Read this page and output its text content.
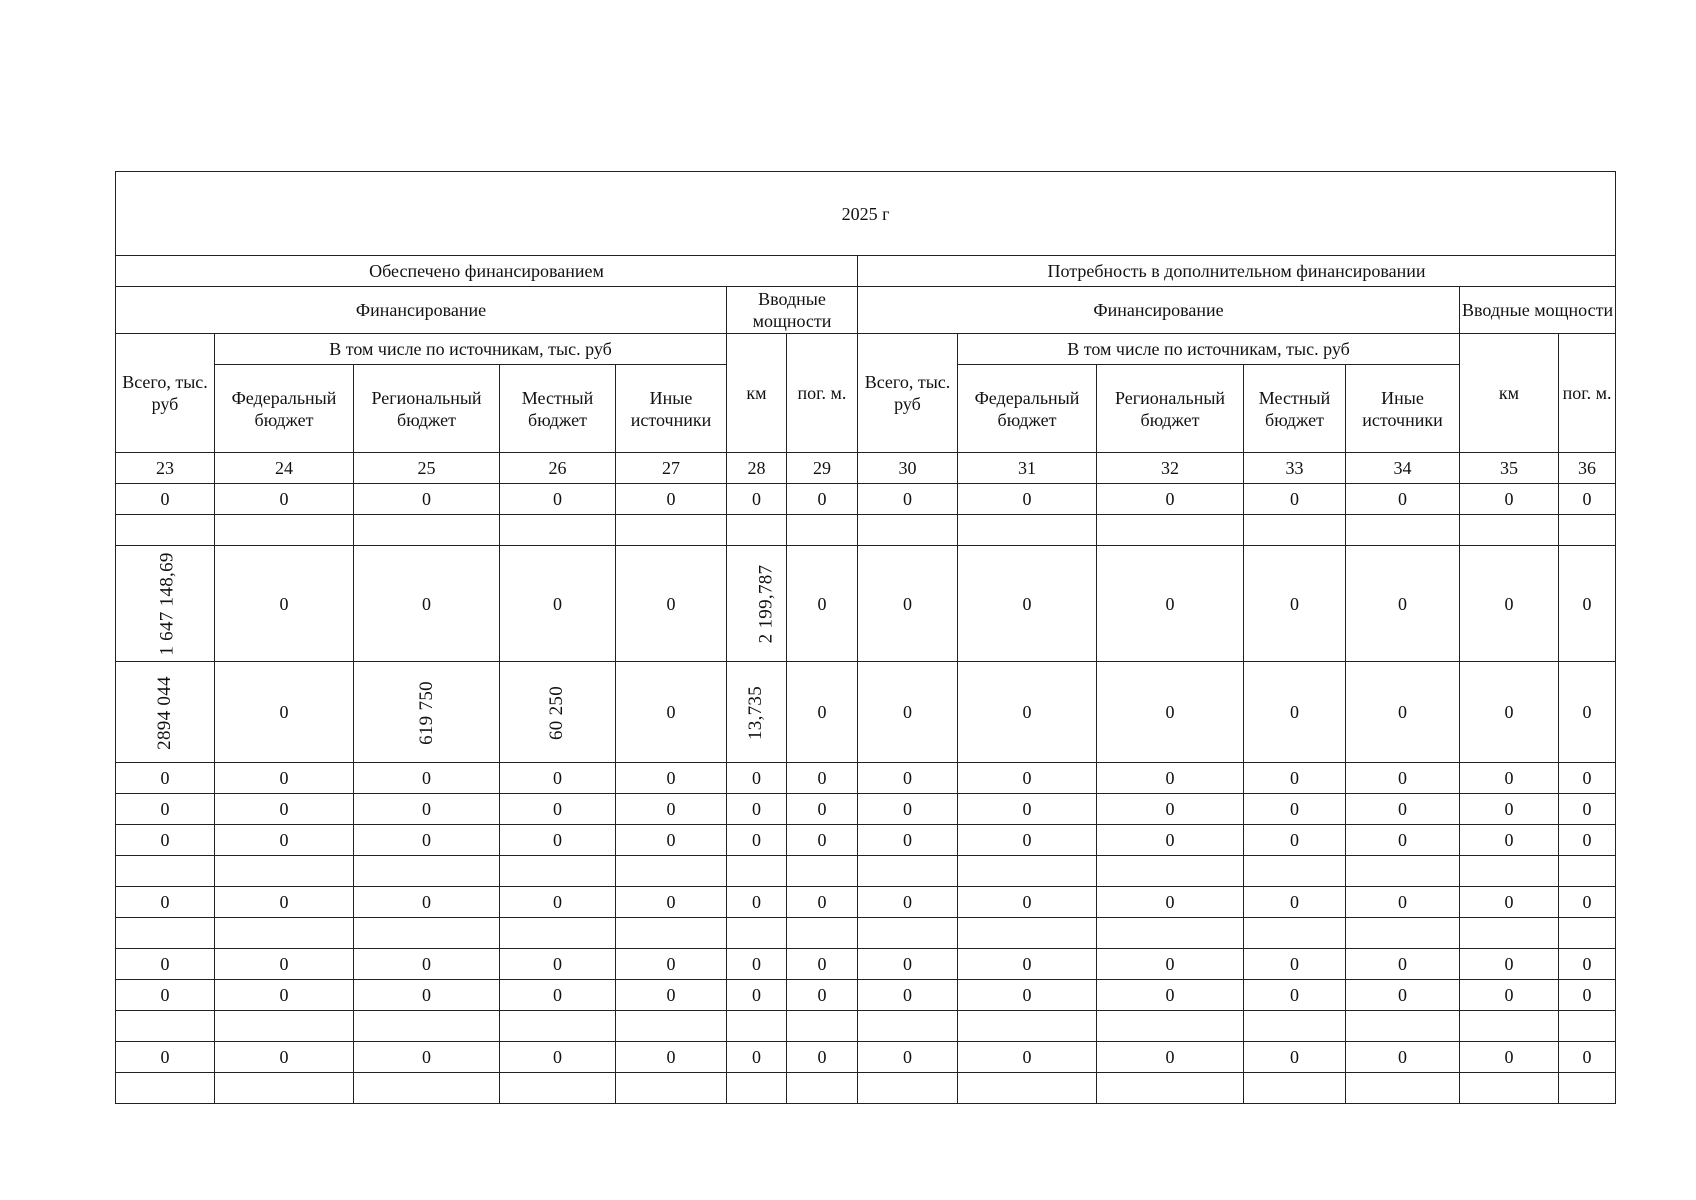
2025 г													
Обеспечено финансированием							Потребность в дополнительном финансировании						
Финансирование					Вводные мощности		Финансирование					Вводные мощности	
Всего, тыс. руб	В том числе по источникам, тыс. руб				км	пог. м.	Всего, тыс. руб	В том числе по источникам, тыс. руб				км	пог. м.
	Федеральный бюджет	Региональный бюджет	Местный бюджет	Иные источники				Федеральный бюджет	Региональный бюджет	Местный бюджет	Иные источники		
23	24	25	26	27	28	29	30	31	32	33	34	35	36
0	0	0	0	0	0	0	0	0	0	0	0	0	0

1 647 148,69	0	0	0	0	2 199,787	0	0	0	0	0	0	0	0
2894 044	0	619 750	60 250	0	13,735	0	0	0	0	0	0	0	0
0	0	0	0	0	0	0	0	0	0	0	0	0	0
0	0	0	0	0	0	0	0	0	0	0	0	0	0
0	0	0	0	0	0	0	0	0	0	0	0	0	0

0	0	0	0	0	0	0	0	0	0	0	0	0	0

0	0	0	0	0	0	0	0	0	0	0	0	0	0
0	0	0	0	0	0	0	0	0	0	0	0	0	0

0	0	0	0	0	0	0	0	0	0	0	0	0	0
